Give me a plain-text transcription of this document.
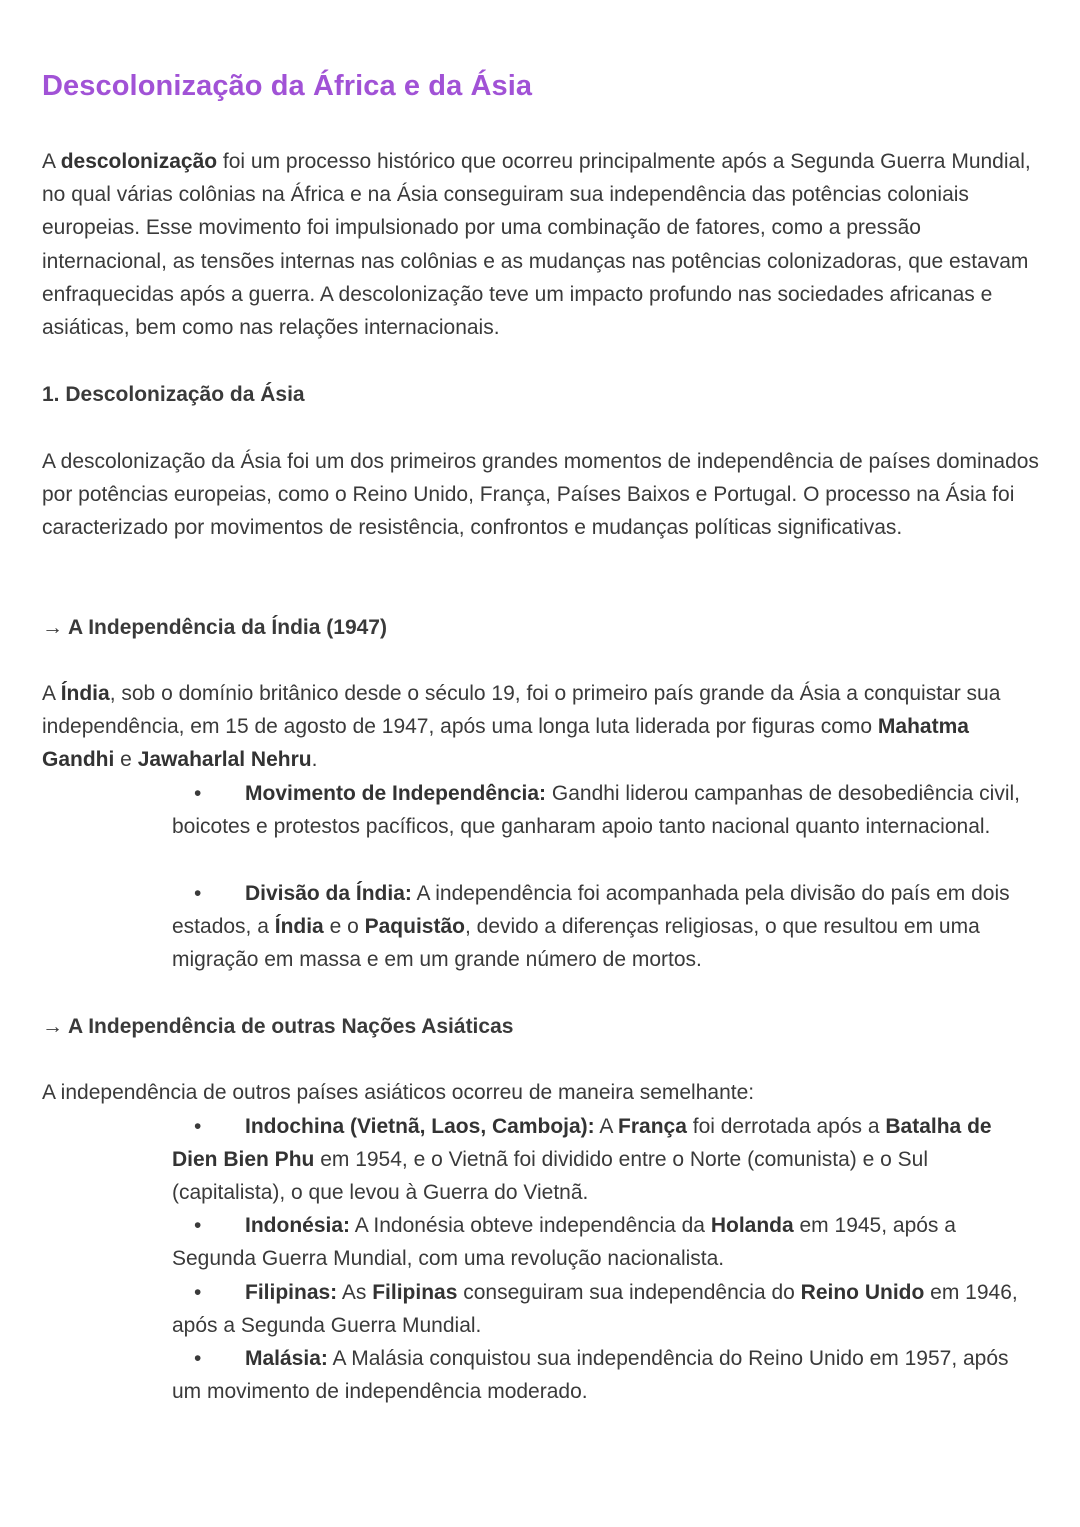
Descolonização da África e da Ásia

A descolonização foi um processo histórico que ocorreu principalmente após a Segunda Guerra Mundial, no qual várias colônias na África e na Ásia conseguiram sua independência das potências coloniais europeias. Esse movimento foi impulsionado por uma combinação de fatores, como a pressão internacional, as tensões internas nas colônias e as mudanças nas potências colonizadoras, que estavam enfraquecidas após a guerra. A descolonização teve um impacto profundo nas sociedades africanas e asiáticas, bem como nas relações internacionais.

1. Descolonização da Ásia

A descolonização da Ásia foi um dos primeiros grandes momentos de independência de países dominados por potências europeias, como o Reino Unido, França, Países Baixos e Portugal. O processo na Ásia foi caracterizado por movimentos de resistência, confrontos e mudanças políticas significativas.

→ A Independência da Índia (1947)

A Índia, sob o domínio britânico desde o século 19, foi o primeiro país grande da Ásia a conquistar sua independência, em 15 de agosto de 1947, após uma longa luta liderada por figuras como Mahatma Gandhi e Jawaharlal Nehru.

• Movimento de Independência: Gandhi liderou campanhas de desobediência civil, boicotes e protestos pacíficos, que ganharam apoio tanto nacional quanto internacional.
• Divisão da Índia: A independência foi acompanhada pela divisão do país em dois estados, a Índia e o Paquistão, devido a diferenças religiosas, o que resultou em uma migração em massa e em um grande número de mortos.
→ A Independência de outras Nações Asiáticas

A independência de outros países asiáticos ocorreu de maneira semelhante:

• Indochina (Vietnã, Laos, Camboja): A França foi derrotada após a Batalha de Dien Bien Phu em 1954, e o Vietnã foi dividido entre o Norte (comunista) e o Sul (capitalista), o que levou à Guerra do Vietnã.
• Indonésia: A Indonésia obteve independência da Holanda em 1945, após a Segunda Guerra Mundial, com uma revolução nacionalista.
• Filipinas: As Filipinas conseguiram sua independência do Reino Unido em 1946, após a Segunda Guerra Mundial.
• Malásia: A Malásia conquistou sua independência do Reino Unido em 1957, após um movimento de independência moderado.
